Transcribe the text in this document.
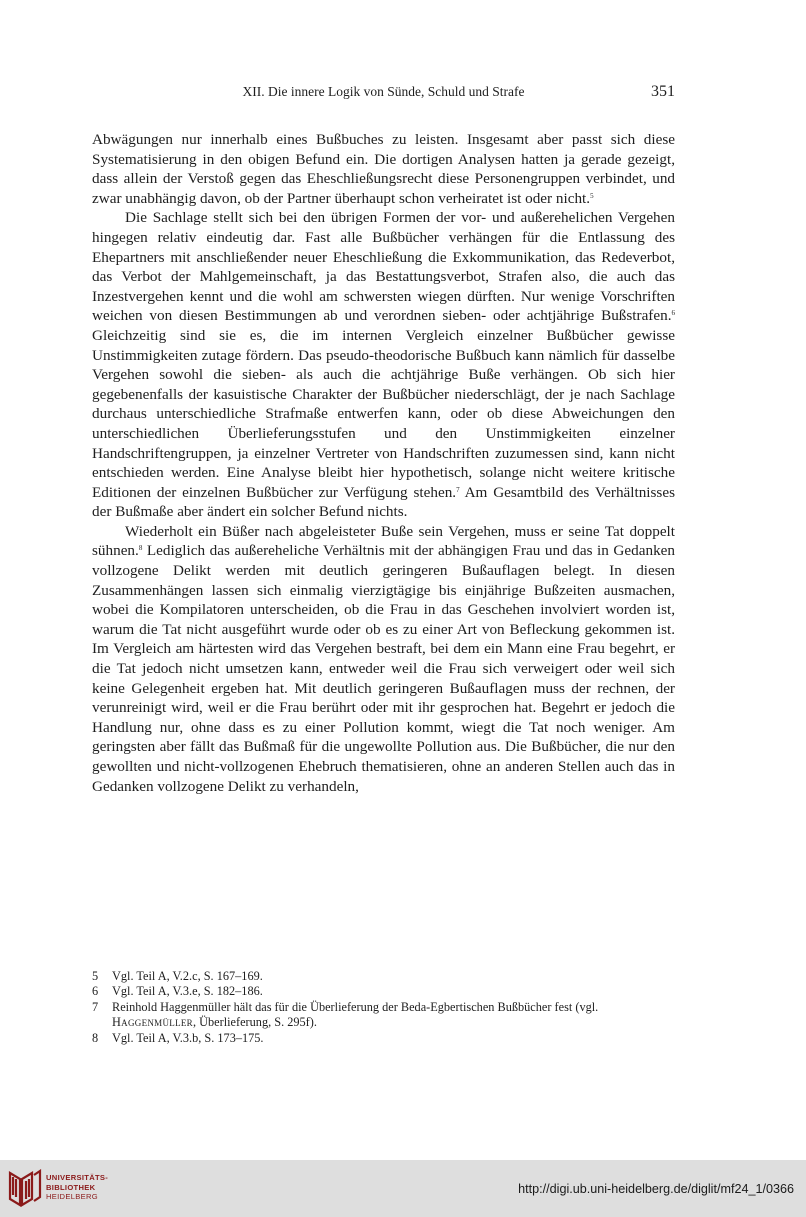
XII. Die innere Logik von Sünde, Schuld und Strafe	351

Abwägungen nur innerhalb eines Bußbuches zu leisten. Insgesamt aber passt sich diese Systematisierung in den obigen Befund ein. Die dortigen Analysen hatten ja gerade gezeigt, dass allein der Verstoß gegen das Eheschließungsrecht diese Personengruppen verbindet, und zwar unabhängig davon, ob der Partner überhaupt schon verheiratet ist oder nicht.$^5$

Die Sachlage stellt sich bei den übrigen Formen der vor- und außerehelichen Vergehen hingegen relativ eindeutig dar. Fast alle Bußbücher verhängen für die Entlassung des Ehepartners mit anschließender neuer Eheschließung die Exkommunikation, das Redeverbot, das Verbot der Mahlgemeinschaft, ja das Bestattungsverbot, Strafen also, die auch das Inzestvergehen kennt und die wohl am schwersten wiegen dürften. Nur wenige Vorschriften weichen von diesen Bestimmungen ab und verordnen sieben- oder achtjährige Bußstrafen.$^6$ Gleichzeitig sind sie es, die im internen Vergleich einzelner Bußbücher gewisse Unstimmigkeiten zutage fördern. Das pseudo-theodorische Bußbuch kann nämlich für dasselbe Vergehen sowohl die sieben- als auch die achtjährige Buße verhängen. Ob sich hier gegebenenfalls der kasuistische Charakter der Bußbücher niederschlägt, der je nach Sachlage durchaus unterschiedliche Strafmaße entwerfen kann, oder ob diese Abweichungen den unterschiedlichen Überlieferungsstufen und den Unstimmigkeiten einzelner Handschriftengruppen, ja einzelner Vertreter von Handschriften zuzumessen sind, kann nicht entschieden werden. Eine Analyse bleibt hier hypothetisch, solange nicht weitere kritische Editionen der einzelnen Bußbücher zur Verfügung stehen.$^7$ Am Gesamtbild des Verhältnisses der Bußmaße aber ändert ein solcher Befund nichts.

Wiederholt ein Büßer nach abgeleisteter Buße sein Vergehen, muss er seine Tat doppelt sühnen.$^8$ Lediglich das außereheliche Verhältnis mit der abhängigen Frau und das in Gedanken vollzogene Delikt werden mit deutlich geringeren Bußauflagen belegt. In diesen Zusammenhängen lassen sich einmalig vierzigtägige bis einjährige Bußzeiten ausmachen, wobei die Kompilatoren unterscheiden, ob die Frau in das Geschehen involviert worden ist, warum die Tat nicht ausgeführt wurde oder ob es zu einer Art von Befleckung gekommen ist. Im Vergleich am härtesten wird das Vergehen bestraft, bei dem ein Mann eine Frau begehrt, er die Tat jedoch nicht umsetzen kann, entweder weil die Frau sich verweigert oder weil sich keine Gelegenheit ergeben hat. Mit deutlich geringeren Bußauflagen muss der rechnen, der verunreinigt wird, weil er die Frau berührt oder mit ihr gesprochen hat. Begehrt er jedoch die Handlung nur, ohne dass es zu einer Pollution kommt, wiegt die Tat noch weniger. Am geringsten aber fällt das Bußmaß für die ungewollte Pollution aus. Die Bußbücher, die nur den gewollten und nicht-vollzogenen Ehebruch thematisieren, ohne an anderen Stellen auch das in Gedanken vollzogene Delikt zu verhandeln,

5	Vgl. Teil A, V.2.c, S. 167–169.
6	Vgl. Teil A, V.3.e, S. 182–186.
7	Reinhold Haggenmüller hält das für die Überlieferung der Beda-Egbertischen Bußbücher fest (vgl. Haggenmüller, Überlieferung, S. 295f).
8	Vgl. Teil A, V.3.b, S. 173–175.
UNIVERSITÄTS-
BIBLIOTHEK
HEIDELBERG
http://digi.ub.uni-heidelberg.de/diglit/mf24_1/0366
